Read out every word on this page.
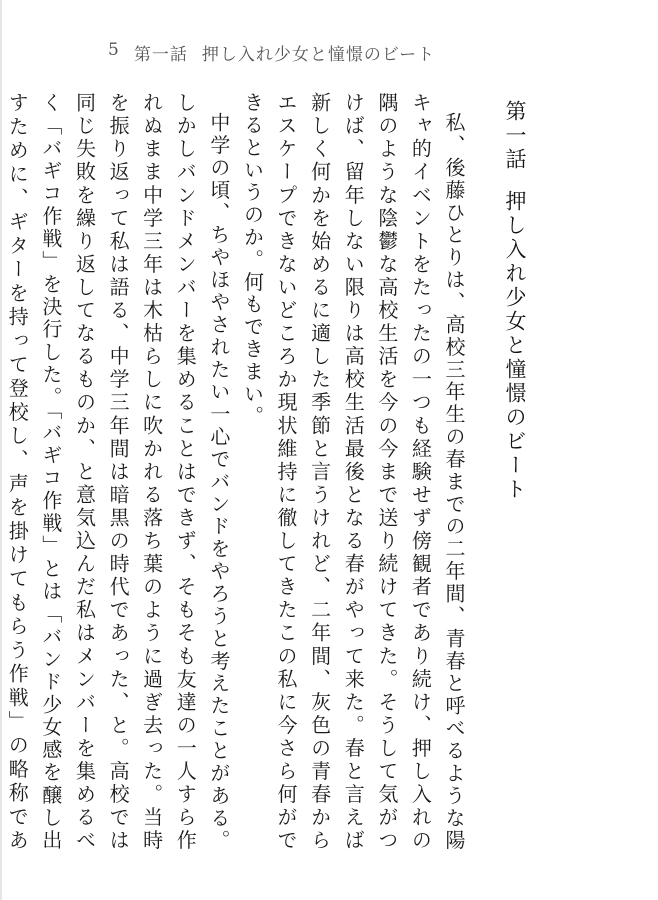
5 第一話 押し入れ少女と憧憬のビート
第一話押し入れ少女と憧憬のビート

私、後藤ひとりは、高校三年生の春までの二年間、青春と呼べるような陽キャ的イベントをたったの一つも経験せず傍観者であり続け、押し入れの隅のような陰鬱な高校生活を今の今まで送り続けてきた。そうして気がつけば、留年しない限りは高校生活最後となる春がやって来た。春と言えば新しく何かを始めるに適した季節と言うけれど、二年間、灰色の青春からエスケープできないどころか現状維持に徹してきたこの私に今さら何ができるというのか。何もできまい。

中学の頃、ちやほやされたい一心でバンドをやろうと考えたことがある。しかしバンドメンバーを集めることはできず、そもそも友達の一人すら作れぬまま中学三年は木枯らしに吹かれる落ち葉のように過ぎ去った。当時を振り返って私は語る、中学三年間は暗黒の時代であった、と。高校では同じ失敗を繰り返してなるものか、と意気込んだ私はメンバーを集めるべく「バギコ作戦」を決行した。「バギコ作戦」とは「バンド少女感を醸し出すために、ギターを持って登校し、声を掛けてもらう作戦」の略称であ
